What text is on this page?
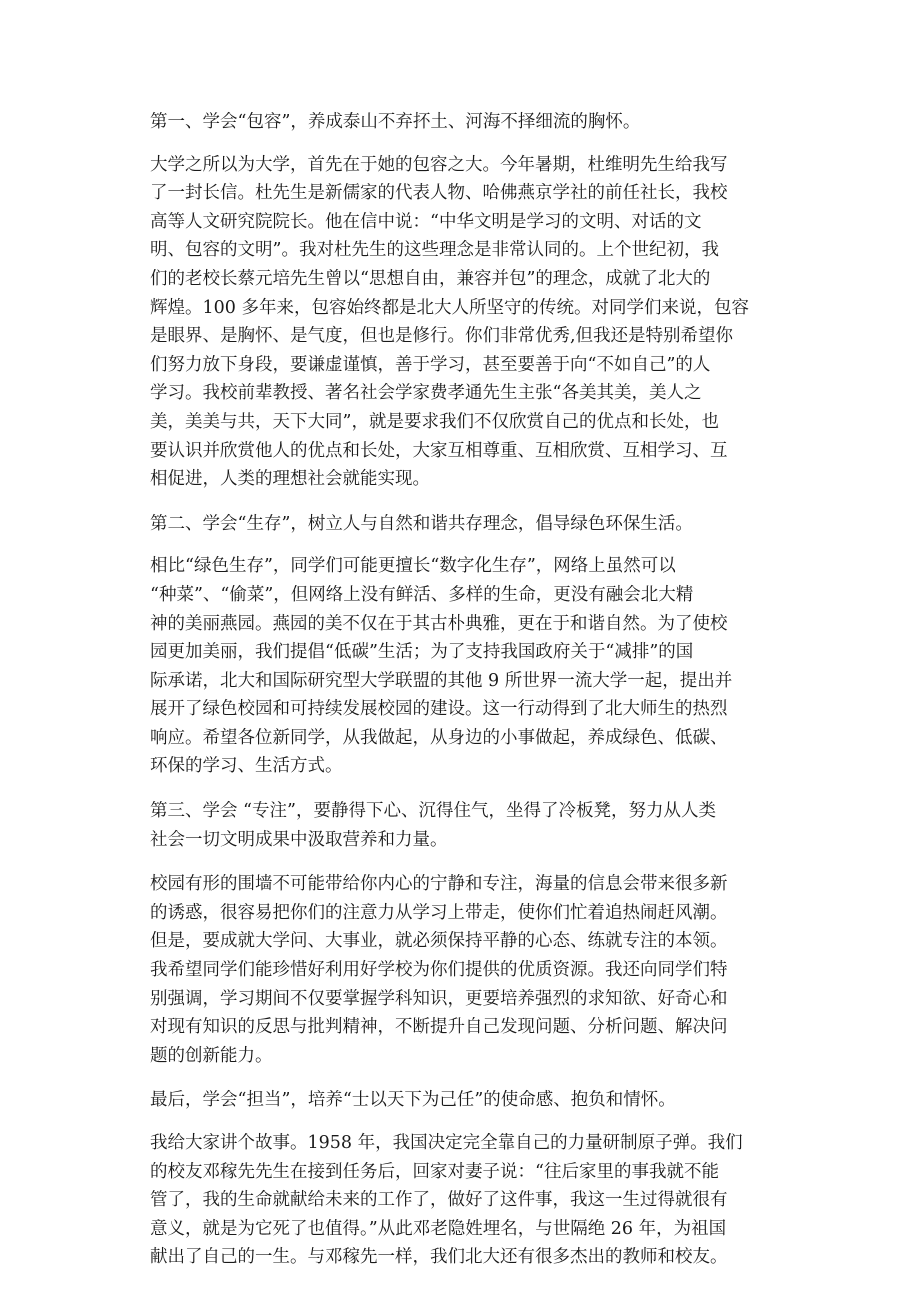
第一、学会“包容”，养成泰山不弃抔土、河海不择细流的胸怀。

大学之所以为大学，首先在于她的包容之大。今年暑期，杜维明先生给我写
了一封长信。杜先生是新儒家的代表人物、哈佛燕京学社的前任社长，我校
高等人文研究院院长。他在信中说：“中华文明是学习的文明、对话的文
明、包容的文明”。我对杜先生的这些理念是非常认同的。上个世纪初，我
们的老校长蔡元培先生曾以“思想自由，兼容并包”的理念，成就了北大的
辉煌。100 多年来，包容始终都是北大人所坚守的传统。对同学们来说，包容
是眼界、是胸怀、是气度，但也是修行。你们非常优秀,但我还是特别希望你
们努力放下身段，要谦虚谨慎，善于学习，甚至要善于向“不如自己”的人
学习。我校前辈教授、著名社会学家费孝通先生主张“各美其美，美人之
美，美美与共，天下大同”，就是要求我们不仅欣赏自己的优点和长处，也
要认识并欣赏他人的优点和长处，大家互相尊重、互相欣赏、互相学习、互
相促进，人类的理想社会就能实现。

第二、学会“生存”，树立人与自然和谐共存理念，倡导绿色环保生活。

相比“绿色生存”，同学们可能更擅长“数字化生存”，网络上虽然可以
“种菜”、“偷菜”，但网络上没有鲜活、多样的生命，更没有融会北大精
神的美丽燕园。燕园的美不仅在于其古朴典雅，更在于和谐自然。为了使校
园更加美丽，我们提倡“低碳”生活；为了支持我国政府关于“减排”的国
际承诺，北大和国际研究型大学联盟的其他 9 所世界一流大学一起，提出并
展开了绿色校园和可持续发展校园的建设。这一行动得到了北大师生的热烈
响应。希望各位新同学，从我做起，从身边的小事做起，养成绿色、低碳、
环保的学习、生活方式。

第三、学会 “专注”，要静得下心、沉得住气，坐得了冷板凳，努力从人类
社会一切文明成果中汲取营养和力量。

校园有形的围墙不可能带给你内心的宁静和专注，海量的信息会带来很多新
的诱惑，很容易把你们的注意力从学习上带走，使你们忙着追热闹赶风潮。
但是，要成就大学问、大事业，就必须保持平静的心态、练就专注的本领。
我希望同学们能珍惜好利用好学校为你们提供的优质资源。我还向同学们特
别强调，学习期间不仅要掌握学科知识，更要培养强烈的求知欲、好奇心和
对现有知识的反思与批判精神，不断提升自己发现问题、分析问题、解决问
题的创新能力。

最后，学会“担当”，培养“士以天下为己任”的使命感、抱负和情怀。

我给大家讲个故事。1958 年，我国决定完全靠自己的力量研制原子弹。我们
的校友邓稼先先生在接到任务后，回家对妻子说：“往后家里的事我就不能
管了，我的生命就献给未来的工作了，做好了这件事，我这一生过得就很有
意义，就是为它死了也值得。”从此邓老隐姓埋名，与世隔绝 26 年，为祖国
献出了自己的一生。与邓稼先一样，我们北大还有很多杰出的教师和校友。
